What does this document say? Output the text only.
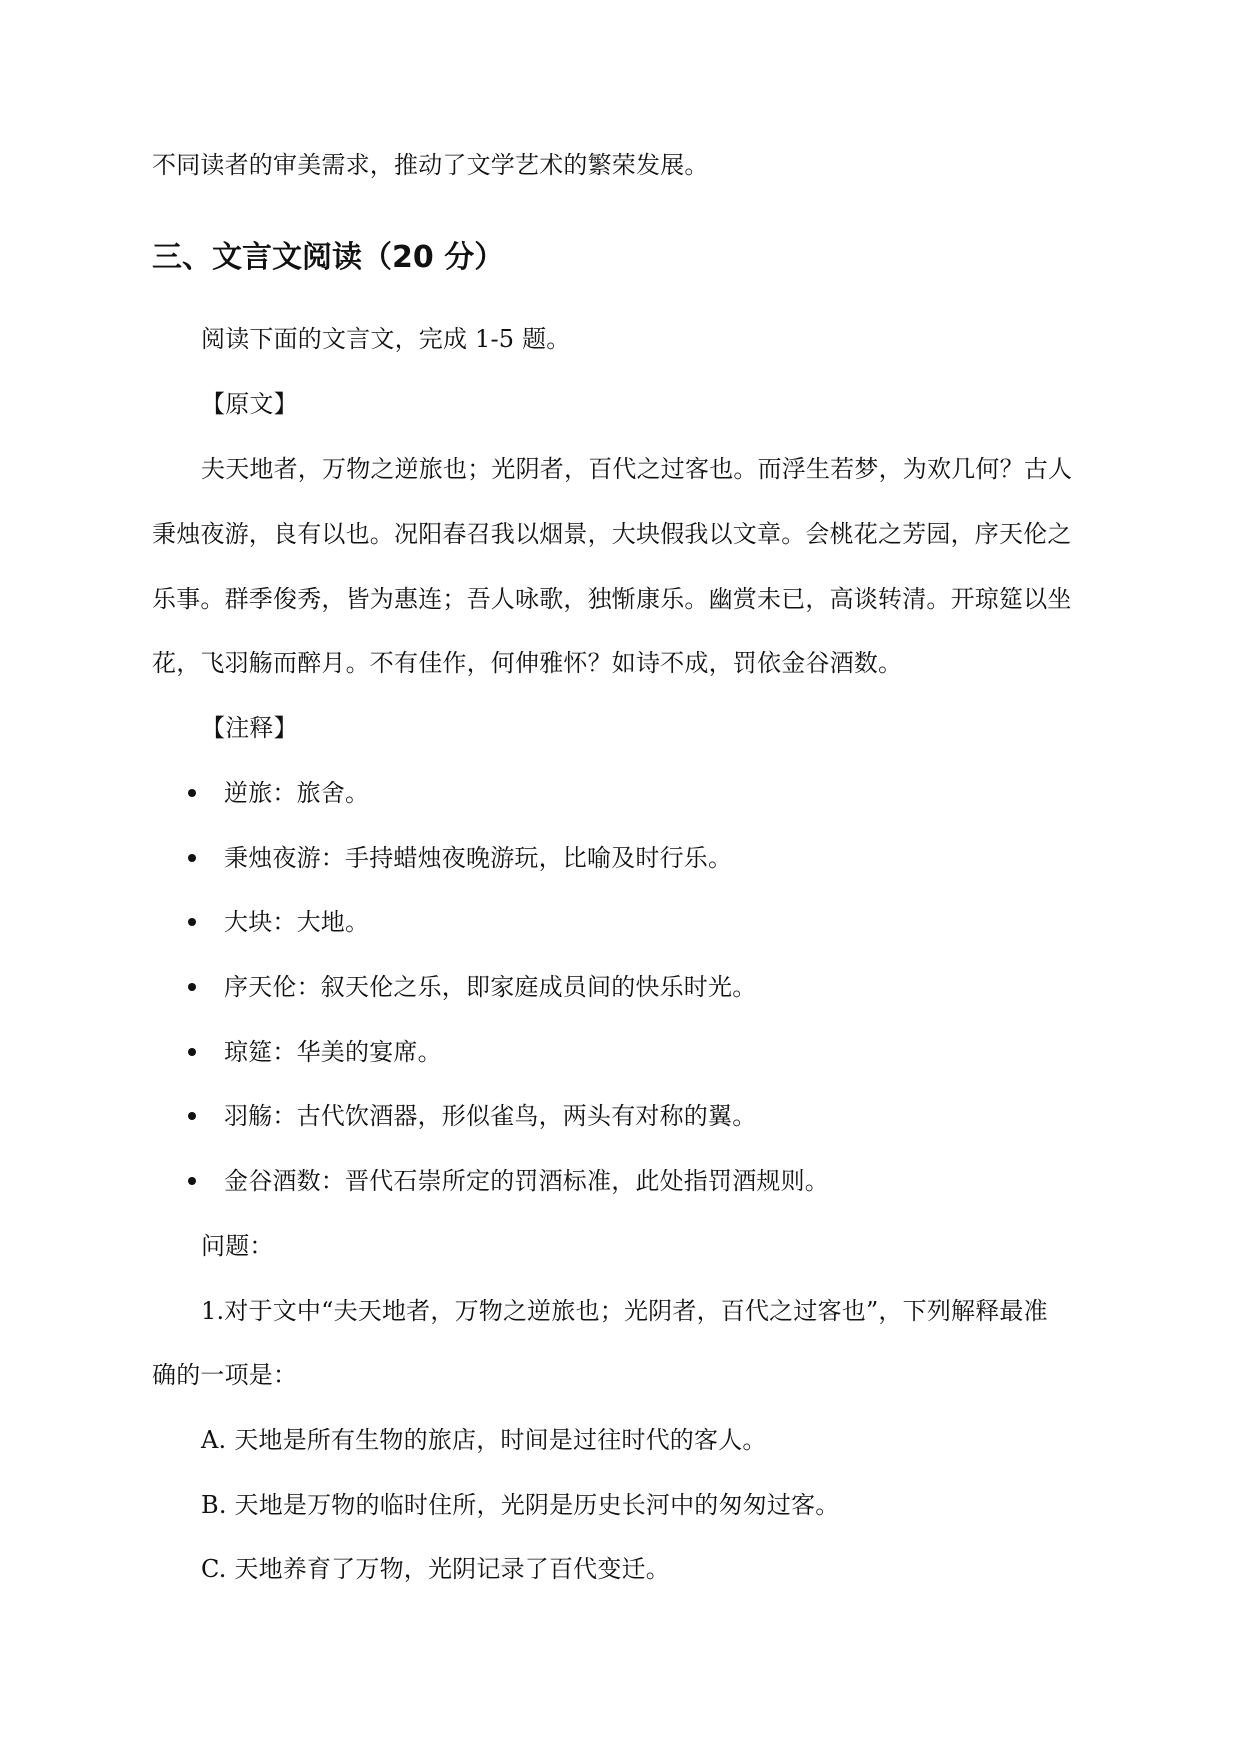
不同读者的审美需求，推动了文学艺术的繁荣发展。
三、文言文阅读（20 分）
阅读下面的文言文，完成 1-5 题。
【原文】
夫天地者，万物之逆旅也；光阴者，百代之过客也。而浮生若梦，为欢几何？古人
秉烛夜游，良有以也。况阳春召我以烟景，大块假我以文章。会桃花之芳园，序天伦之
乐事。群季俊秀，皆为惠连；吾人咏歌，独惭康乐。幽赏未已，高谈转清。开琼筵以坐
花，飞羽觞而醉月。不有佳作，何伸雅怀？如诗不成，罚依金谷酒数。
【注释】
逆旅：旅舍。
秉烛夜游：手持蜡烛夜晚游玩，比喻及时行乐。
大块：大地。
序天伦：叙天伦之乐，即家庭成员间的快乐时光。
琼筵：华美的宴席。
羽觞：古代饮酒器，形似雀鸟，两头有对称的翼。
金谷酒数：晋代石崇所定的罚酒标准，此处指罚酒规则。
问题：
1.对于文中“夫天地者，万物之逆旅也；光阴者，百代之过客也”，下列解释最准
确的一项是：
A. 天地是所有生物的旅店，时间是过往时代的客人。
B. 天地是万物的临时住所，光阴是历史长河中的匆匆过客。
C. 天地养育了万物，光阴记录了百代变迁。
